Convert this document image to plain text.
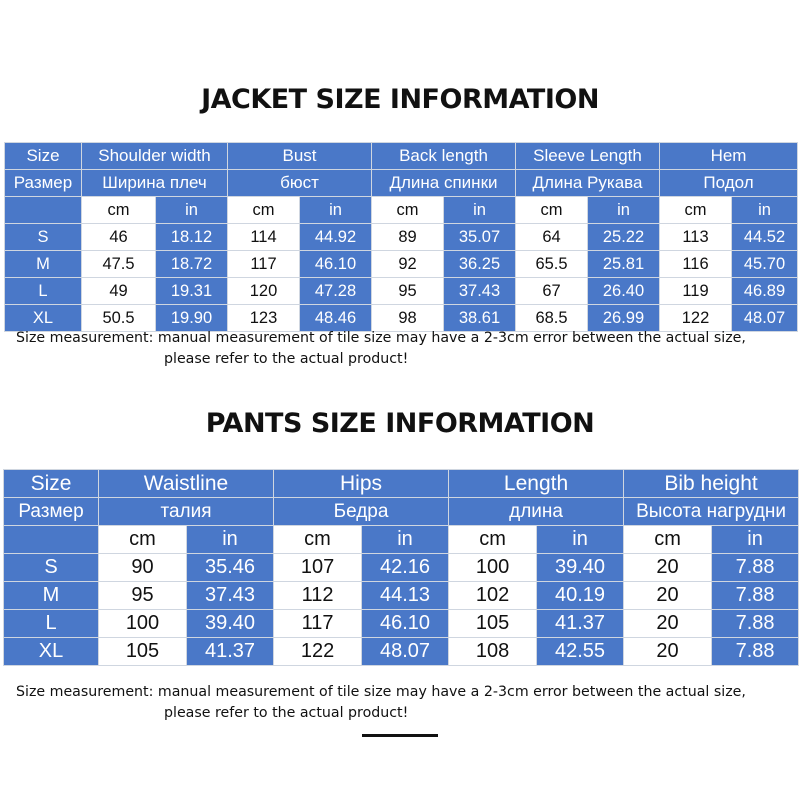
JACKET SIZE INFORMATION
Size	Shoulder width		Bust		Back length		Sleeve Length		Hem	
Размер	Ширина плеч		бюст		Длина спинки		Длина Рукава		Подол	
	cm	in	cm	in	cm	in	cm	in	cm	in
S	46	18.12	114	44.92	89	35.07	64	25.22	113	44.52
M	47.5	18.72	117	46.10	92	36.25	65.5	25.81	116	45.70
L	49	19.31	120	47.28	95	37.43	67	26.40	119	46.89
XL	50.5	19.90	123	48.46	98	38.61	68.5	26.99	122	48.07
Size measurement: manual measurement of tile size may have a 2-3cm error between the actual size,
please refer to the actual product!
PANTS SIZE INFORMATION
Size	Waistline		Hips		Length		Bib height	
Размер	талия		Бедра		длина		Высота нагрудни	
	cm	in	cm	in	cm	in	cm	in
S	90	35.46	107	42.16	100	39.40	20	7.88
M	95	37.43	112	44.13	102	40.19	20	7.88
L	100	39.40	117	46.10	105	41.37	20	7.88
XL	105	41.37	122	48.07	108	42.55	20	7.88
Size measurement: manual measurement of tile size may have a 2-3cm error between the actual size,
please refer to the actual product!
